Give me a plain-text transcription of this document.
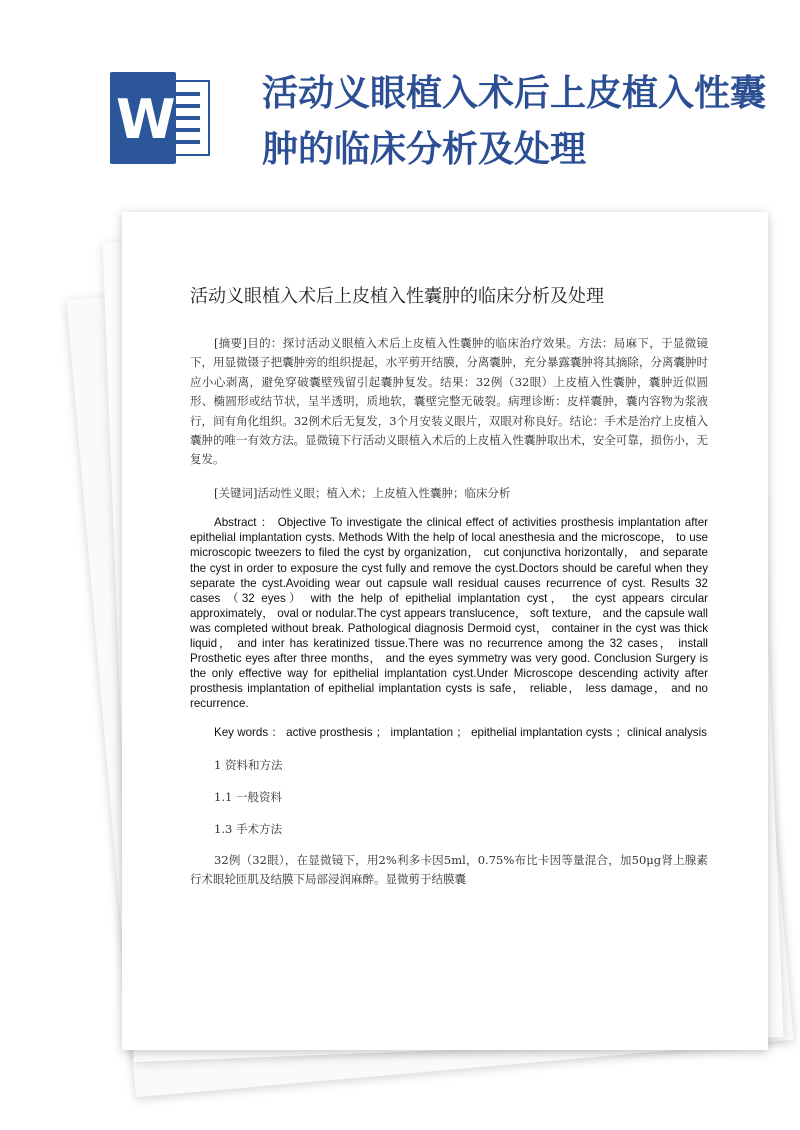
W	活动义眼植入术后上皮植入性囊肿的临床分析及处理

活动义眼植入术后上皮植入性囊肿的临床分析及处理

[摘要]目的：探讨活动义眼植入术后上皮植入性囊肿的临床治疗效果。方法：局麻下，于显微镜下，用显微镊子把囊肿旁的组织提起，水平剪开结膜，分离囊肿，充分暴露囊肿将其摘除，分离囊肿时应小心剥离，避免穿破囊壁残留引起囊肿复发。结果：32例（32眼）上皮植入性囊肿，囊肿近似圆形、椭圆形或结节状，呈半透明，质地软，囊壁完整无破裂。病理诊断：皮样囊肿，囊内容物为浆液行，间有角化组织。32例术后无复发，3个月安装义眼片，双眼对称良好。结论：手术是治疗上皮植入囊肿的唯一有效方法。显微镜下行活动义眼植入术后的上皮植入性囊肿取出术，安全可靠，损伤小，无复发。

[关键词]活动性义眼；植入术；上皮植入性囊肿；临床分析

Abstract ： Objective To investigate the clinical effect of activities prosthesis implantation after epithelial implantation cysts. Methods With the help of local anesthesia and the microscope， to use microscopic tweezers to filed the cyst by organization， cut conjunctiva horizontally， and separate the cyst in order to exposure the cyst fully and remove the cyst.Doctors should be careful when they separate the cyst.Avoiding wear out capsule wall residual causes recurrence of cyst. Results 32 cases （32 eyes） with the help of epithelial implantation cyst， the cyst appears circular approximately， oval or nodular.The cyst appears translucence， soft texture， and the capsule wall was completed without break. Pathological diagnosis Dermoid cyst， container in the cyst was thick liquid， and inter has keratinized tissue.There was no recurrence among the 32 cases， install Prosthetic eyes after three months， and the eyes symmetry was very good. Conclusion Surgery is the only effective way for epithelial implantation cyst.Under Microscope descending activity after prosthesis implantation of epithelial implantation cysts is safe， reliable， less damage， and no recurrence.

Key words ： active prosthesis ； implantation ； epithelial implantation cysts ；clinical analysis

1 资料和方法

1.1 一般资料

1.3 手术方法

32例（32眼），在显微镜下，用2%利多卡因5ml，0.75%布比卡因等量混合，加50μg肾上腺素行术眼轮匝肌及结膜下局部浸润麻醉。显微剪于结膜囊
